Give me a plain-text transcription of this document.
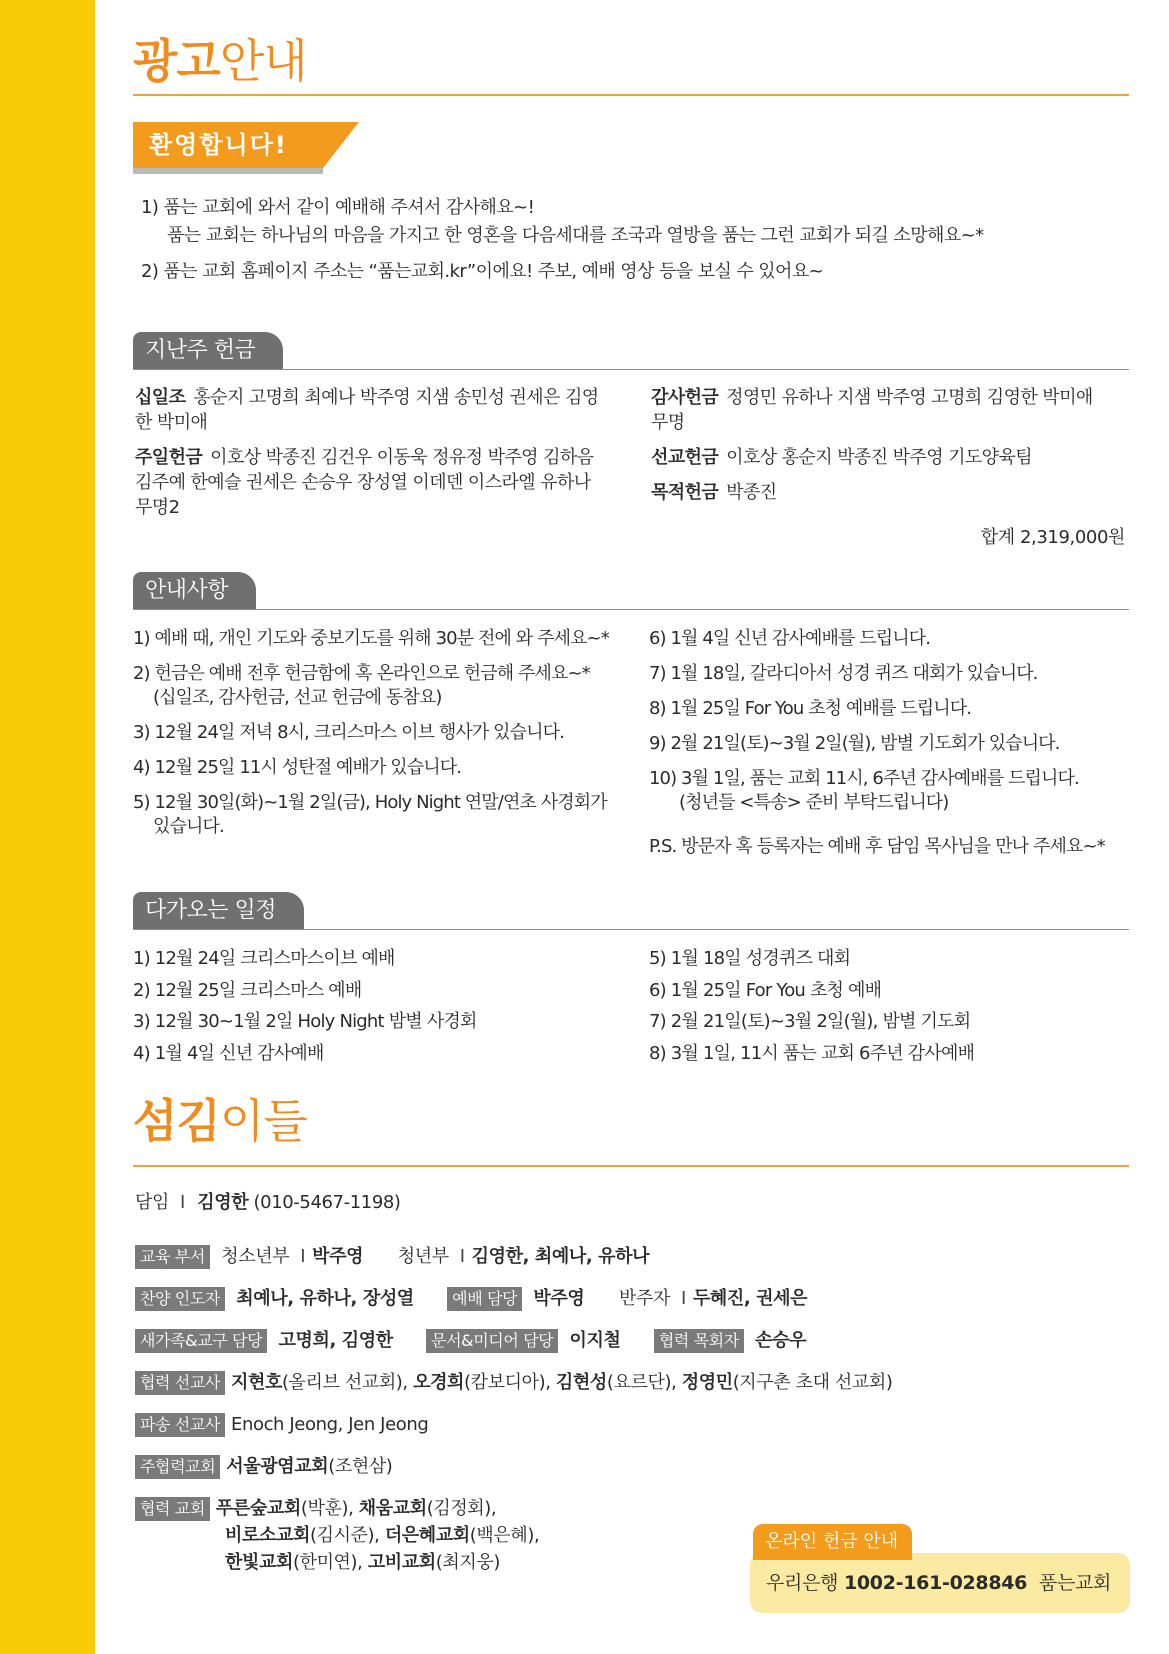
광고안내
환영합니다!
1) 품는 교회에 와서 같이 예배해 주셔서 감사해요~!
품는 교회는 하나님의 마음을 가지고 한 영혼을 다음세대를 조국과 열방을 품는 그런 교회가 되길 소망해요~*
2) 품는 교회 홈페이지 주소는 “품는교회.kr”이에요! 주보, 예배 영상 등을 보실 수 있어요~
지난주 헌금
십일조 홍순지 고명희 최예나 박주영 지샘 송민성 권세은 김영한 박미애
주일헌금 이호상 박종진 김건우 이동욱 정유정 박주영 김하음 김주예 한예슬 권세은 손승우 장성열 이데덴 이스라엘 유하나 무명2
감사헌금 정영민 유하나 지샘 박주영 고명희 김영한 박미애 무명
선교헌금 이호상 홍순지 박종진 박주영 기도양육팀
목적헌금 박종진
합계 2,319,000원
안내사항
1) 예배 때, 개인 기도와 중보기도를 위해 30분 전에 와 주세요~*
2) 헌금은 예배 전후 헌금함에 혹 온라인으로 헌금해 주세요~*
(십일조, 감사헌금, 선교 헌금에 동참요)
3) 12월 24일 저녁 8시, 크리스마스 이브 행사가 있습니다.
4) 12월 25일 11시 성탄절 예배가 있습니다.
5) 12월 30일(화)~1월 2일(금), Holy Night 연말/연초 사경회가
있습니다.
6) 1월 4일 신년 감사예배를 드립니다.
7) 1월 18일, 갈라디아서 성경 퀴즈 대회가 있습니다.
8) 1월 25일 For You 초청 예배를 드립니다.
9) 2월 21일(토)~3월 2일(월), 밤별 기도회가 있습니다.
10) 3월 1일, 품는 교회 11시, 6주년 감사예배를 드립니다.
(청년들 <특송> 준비 부탁드립니다)
P.S. 방문자 혹 등록자는 예배 후 담임 목사님을 만나 주세요~*
다가오는 일정
1) 12월 24일 크리스마스이브 예배
2) 12월 25일 크리스마스 예배
3) 12월 30~1월 2일 Holy Night 밤별 사경회
4) 1월 4일 신년 감사예배
5) 1월 18일 성경퀴즈 대회
6) 1월 25일 For You 초청 예배
7) 2월 21일(토)~3월 2일(월), 밤별 기도회
8) 3월 1일, 11시 품는 교회 6주년 감사예배
섬김이들
담임 I 김영한 (010-5467-1198)
교육 부서 청소년부 I 박주영 청년부 I 김영한, 최예나, 유하나
찬양 인도자 최예나, 유하나, 장성열 예배 담당 박주영 반주자 I 두혜진, 권세은
새가족&교구 담당 고명희, 김영한 문서&미디어 담당 이지철 협력 목회자 손승우
협력 선교사 지현호(올리브 선교회), 오경희(캄보디아), 김현성(요르단), 정영민(지구촌 초대 선교회)
파송 선교사 Enoch Jeong, Jen Jeong
주협력교회 서울광염교회(조현삼)
협력 교회 푸른숲교회(박훈), 채움교회(김정회),
비로소교회(김시준), 더은혜교회(백은혜),
한빛교회(한미연), 고비교회(최지웅)
온라인 헌금 안내
우리은행 1002-161-028846 품는교회
